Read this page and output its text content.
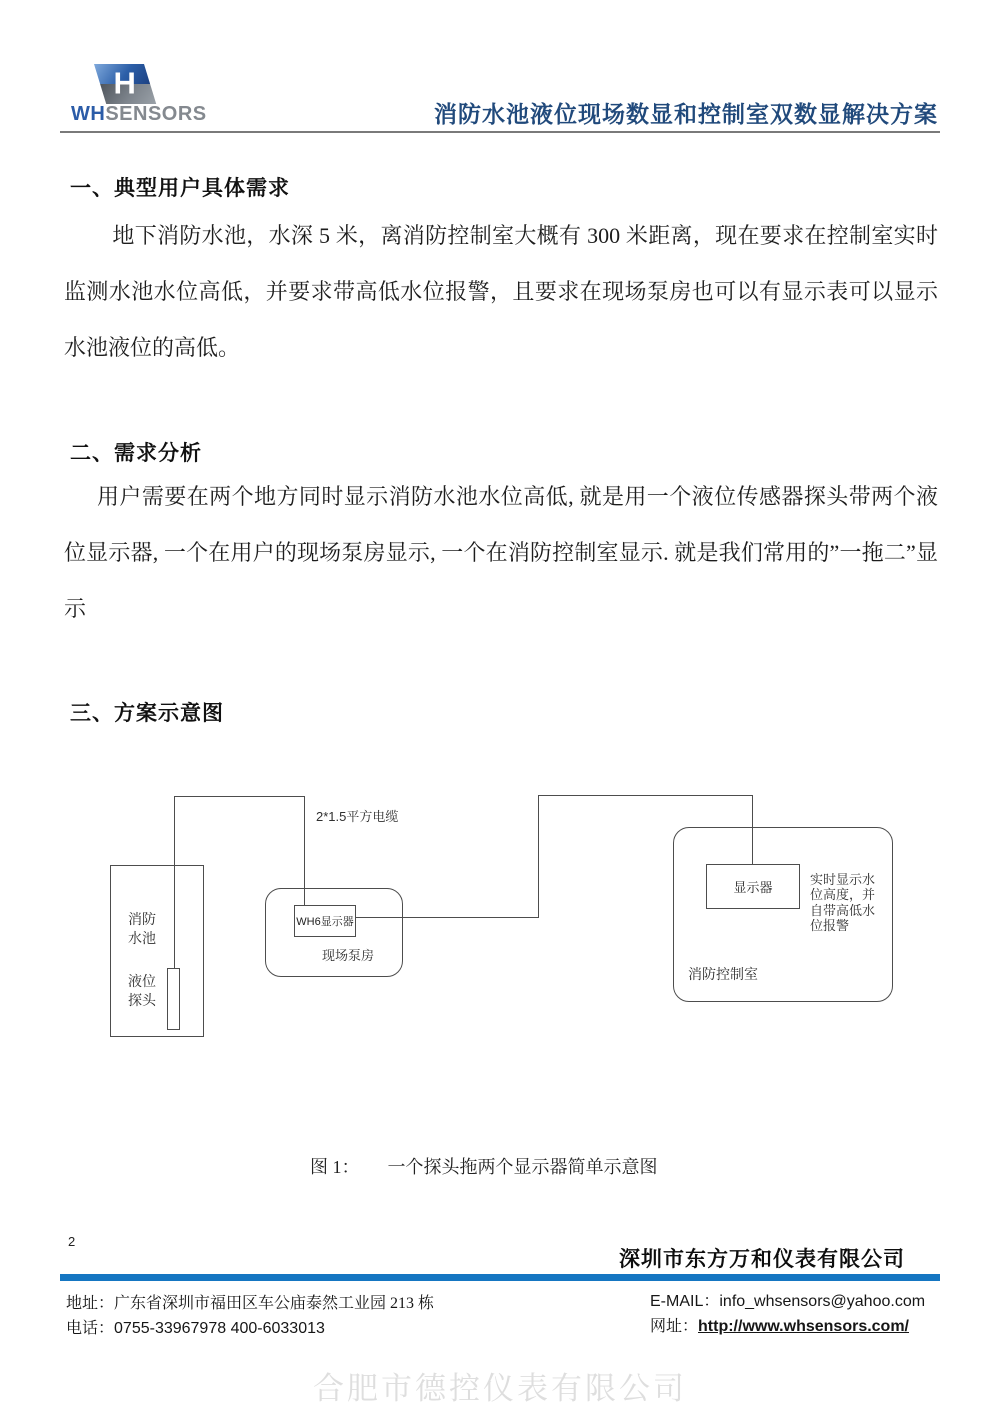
H
WHSENSORS	消防水池液位现场数显和控制室双数显解决方案
一、典型用户具体需求
地下消防水池，水深 5 米，离消防控制室大概有 300 米距离，现在要求在控制室实时监测水池水位高低，并要求带高低水位报警，且要求在现场泵房也可以有显示表可以显示水池液位的高低。
二、需求分析
用户需要在两个地方同时显示消防水池水位高低, 就是用一个液位传感器探头带两个液位显示器, 一个在用户的现场泵房显示, 一个在消防控制室显示. 就是我们常用的”一拖二”显示
三、方案示意图
2*1.5平方电缆
消防水池
液位探头
WH6显示器
现场泵房
显示器
实时显示水位高度，并自带高低水位报警
消防控制室
图 1： 一个探头拖两个显示器简单示意图
2
深圳市东方万和仪表有限公司
地址：广东省深圳市福田区车公庙泰然工业园 213 栋
电话：0755-33967978 400-6033013
E-MAIL：info_whsensors@yahoo.com
网址：http://www.whsensors.com/
合肥市德控仪表有限公司
